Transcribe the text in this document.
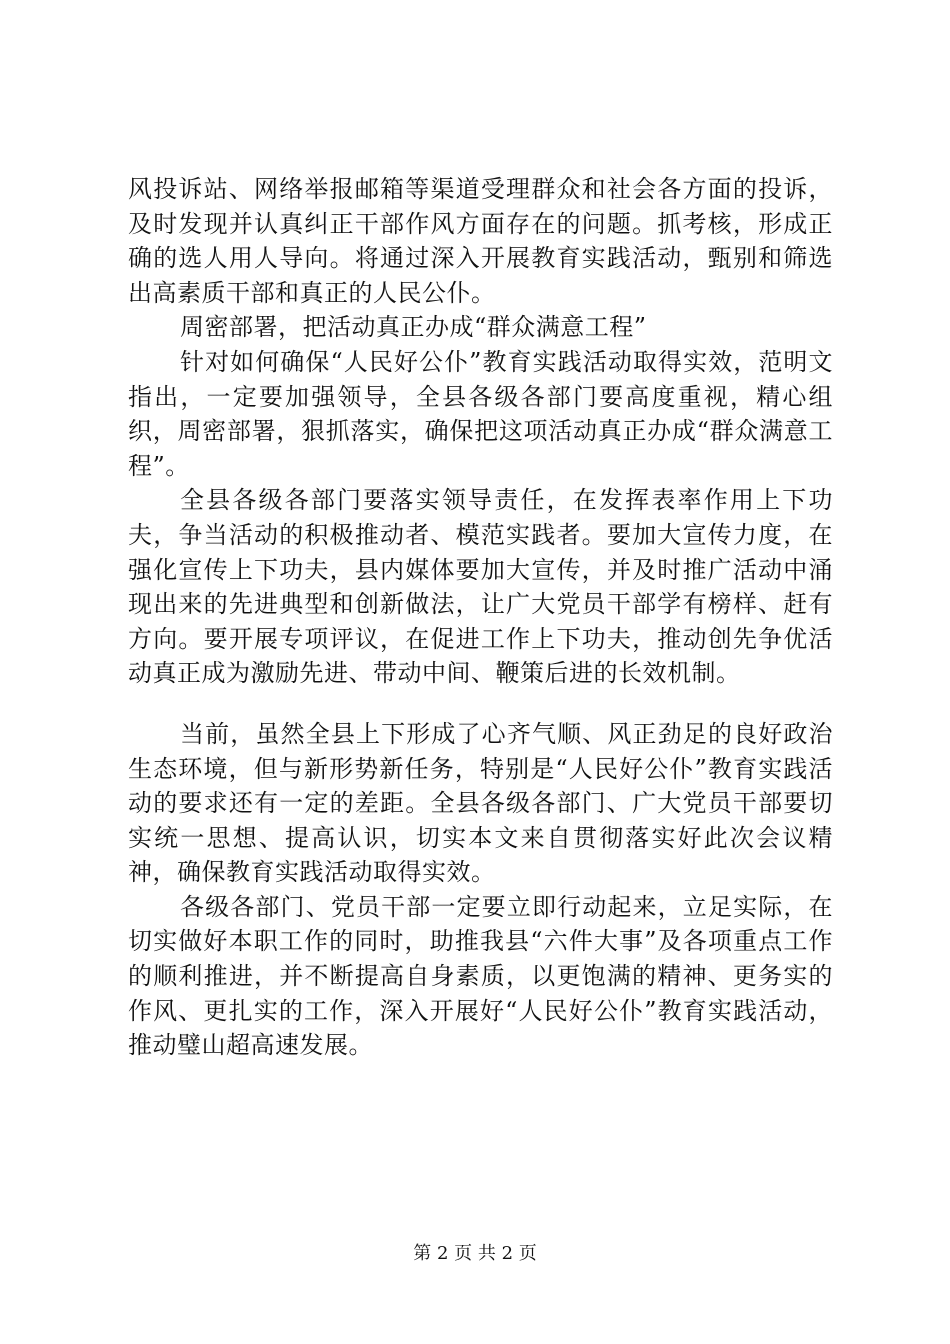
风投诉站、网络举报邮箱等渠道受理群众和社会各方面的投诉，及时发现并认真纠正干部作风方面存在的问题。抓考核，形成正确的选人用人导向。将通过深入开展教育实践活动，甄别和筛选出高素质干部和真正的人民公仆。

周密部署，把活动真正办成“群众满意工程”

针对如何确保“人民好公仆”教育实践活动取得实效，范明文指出，一定要加强领导，全县各级各部门要高度重视，精心组织，周密部署，狠抓落实，确保把这项活动真正办成“群众满意工程”。

全县各级各部门要落实领导责任，在发挥表率作用上下功夫，争当活动的积极推动者、模范实践者。要加大宣传力度，在强化宣传上下功夫，县内媒体要加大宣传，并及时推广活动中涌现出来的先进典型和创新做法，让广大党员干部学有榜样、赶有方向。要开展专项评议，在促进工作上下功夫，推动创先争优活动真正成为激励先进、带动中间、鞭策后进的长效机制。

当前，虽然全县上下形成了心齐气顺、风正劲足的良好政治生态环境，但与新形势新任务，特别是“人民好公仆”教育实践活动的要求还有一定的差距。全县各级各部门、广大党员干部要切实统一思想、提高认识，切实本文来自贯彻落实好此次会议精神，确保教育实践活动取得实效。

各级各部门、党员干部一定要立即行动起来，立足实际，在切实做好本职工作的同时，助推我县“六件大事”及各项重点工作的顺利推进，并不断提高自身素质，以更饱满的精神、更务实的作风、更扎实的工作，深入开展好“人民好公仆”教育实践活动，推动璧山超高速发展。

第 2 页 共 2 页
